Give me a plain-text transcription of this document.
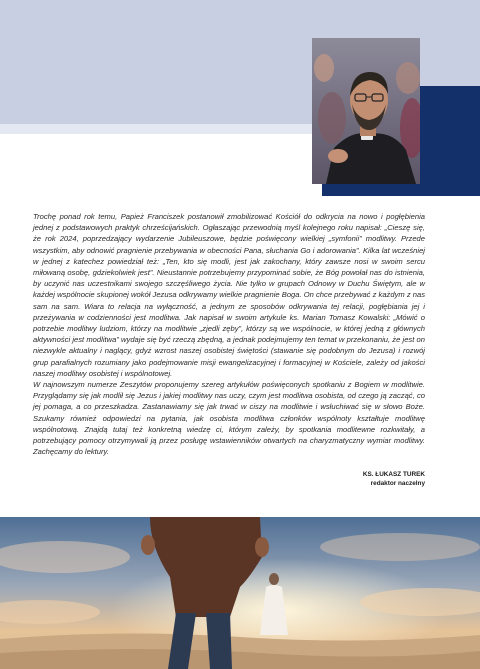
Trochę ponad rok temu, Papież Franciszek postanowił zmobilizować Kościół do odkrycia na nowo i pogłębienia jednej z podstawowych praktyk chrześcijańskich. Ogłaszając przewodnią myśl kolejnego roku napisał: „Cieszę się, że rok 2024, poprzedzający wydarzenie Jubileuszowe, będzie poświęcony wielkiej „symfonii” modlitwy. Przede wszystkim, aby odnowić pragnienie przebywania w obecności Pana, słuchania Go i adorowania”. Kilka lat wcześniej w jednej z katechez powiedział też: „Ten, kto się modli, jest jak zakochany, który zawsze nosi w swoim sercu miłowaną osobę, gdziekolwiek jest”. Nieustannie potrzebujemy przypominać sobie, że Bóg powołał nas do istnienia, by uczynić nas uczestnikami swojego szczęśliwego życia. Nie tylko w grupach Odnowy w Duchu Świętym, ale w każdej wspólnocie skupionej wokół Jezusa odkrywamy wielkie pragnienie Boga. On chce przebywać z każdym z nas sam na sam. Wiara to relacja na wyłączność, a jednym ze sposobów odkrywania tej relacji, pogłębiania jej i przeżywania w codzienności jest modlitwa. Jak napisał w swoim artykule ks. Marian Tomasz Kowalski: „Mówić o potrzebie modlitwy ludziom, którzy na modlitwie „zjedli zęby”, którzy są we wspólnocie, w której jedną z głównych aktywności jest modlitwa” wydaje się być rzeczą zbędną, a jednak podejmujemy ten temat w przekonaniu, że jest on niezwykle aktualny i naglący, gdyż wzrost naszej osobistej świętości (stawanie się podobnym do Jezusa) i rozwój grup parafialnych rozumiany jako podejmowanie misji ewangelizacyjnej i formacyjnej w Kościele, zależy od jakości naszej modlitwy osobistej i wspólnotowej.

W najnowszym numerze Zeszytów proponujemy szereg artykułów poświęconych spotkaniu z Bogiem w modlitwie. Przyglądamy się jak modlił się Jezus i jakiej modlitwy nas uczy, czym jest modlitwa osobista, od czego ją zacząć, co jej pomaga, a co przeszkadza. Zastanawiamy się jak trwać w ciszy na modlitwie i wsłuchiwać się w słowo Boże. Szukamy również odpowiedzi na pytania, jak osobista modlitwa członków wspólnoty kształtuje modlitwę wspólnotową. Znajdą tutaj też konkretną wiedzę ci, którym zależy, by spotkania modlitewne rozkwitały, a potrzebujący pomocy otrzymywali ją przez posługę wstawienników otwartych na charyzmatyczny wymiar modlitwy. Zachęcamy do lektury.

KS. ŁUKASZ TUREK
redaktor naczelny
